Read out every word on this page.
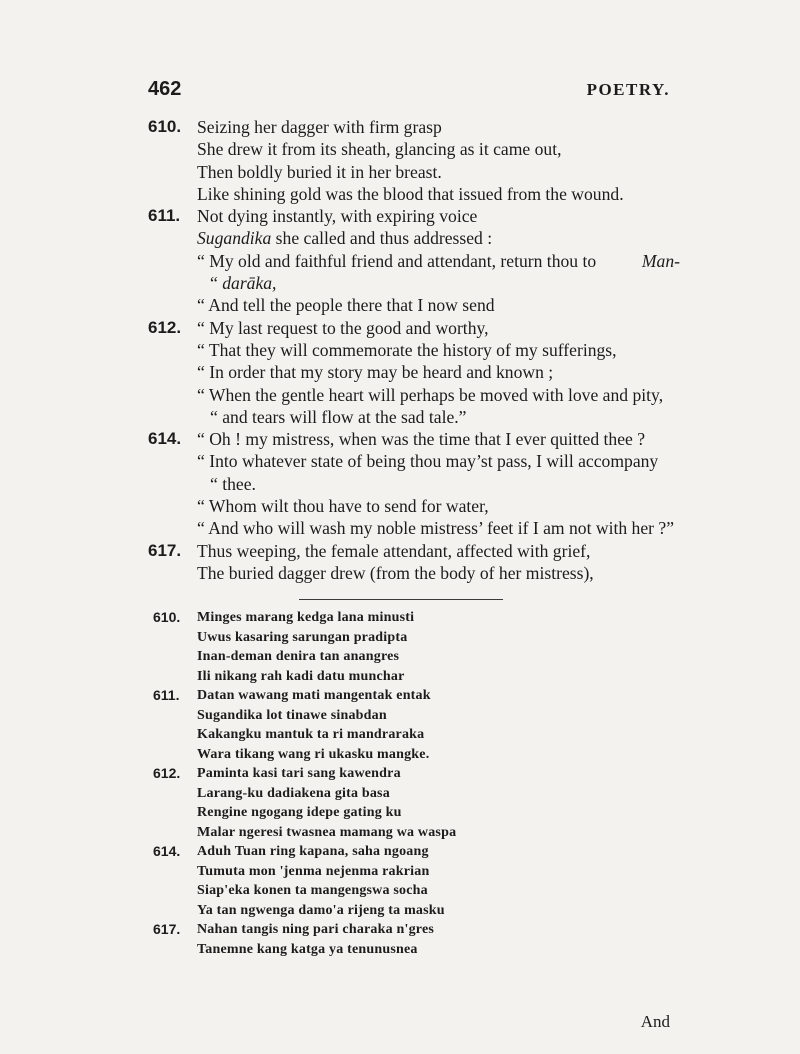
462	POETRY.
610. Seizing her dagger with firm grasp
She drew it from its sheath, glancing as it came out,
Then boldly buried it in her breast.
Like shining gold was the blood that issued from the wound.
611. Not dying instantly, with expiring voice
Sugandika she called and thus addressed :
“ My old and faithful friend and attendant, return thou to	Man-
“ darāka,
“ And tell the people there that I now send
612. “ My last request to the good and worthy,
“ That they will commemorate the history of my sufferings,
“ In order that my story may be heard and known ;
“ When the gentle heart will perhaps be moved with love and pity,
“ and tears will flow at the sad tale.”
614. “ Oh ! my mistress, when was the time that I ever quitted thee ?
“ Into whatever state of being thou may’st pass, I will accompany
“ thee.
“ Whom wilt thou have to send for water,
“ And who will wash my noble mistress’ feet if I am not with her ?”
617. Thus weeping, the female attendant, affected with grief,
The buried dagger drew (from the body of her mistress),
610.	Minges marang kedga lana minusti
Uwus kasaring sarungan pradipta
Inan-deman denira tan anangres
Ili nikang rah kadi datu munchar
611.	Datan wawang mati mangentak entak
Sugandika lot tinawe sinabdan
Kakangku mantuk ta ri mandraraka
Wara tikang wang ri ukasku mangke.
612.	Paminta kasi tari sang kawendra
Larang-ku dadiakena gita basa
Rengine ngogang idepe gating ku
Malar ngeresi twasnea mamang wa waspa
614.	Aduh Tuan ring kapana, saha ngoang
Tumuta mon 'jenma nejenma rakrian
Siap'eka konen ta mangengswa socha
Ya tan ngwenga damo'a rijeng ta masku
617.	Nahan tangis ning pari charaka n'gres
Tanemne kang katga ya tenunusnea
And
